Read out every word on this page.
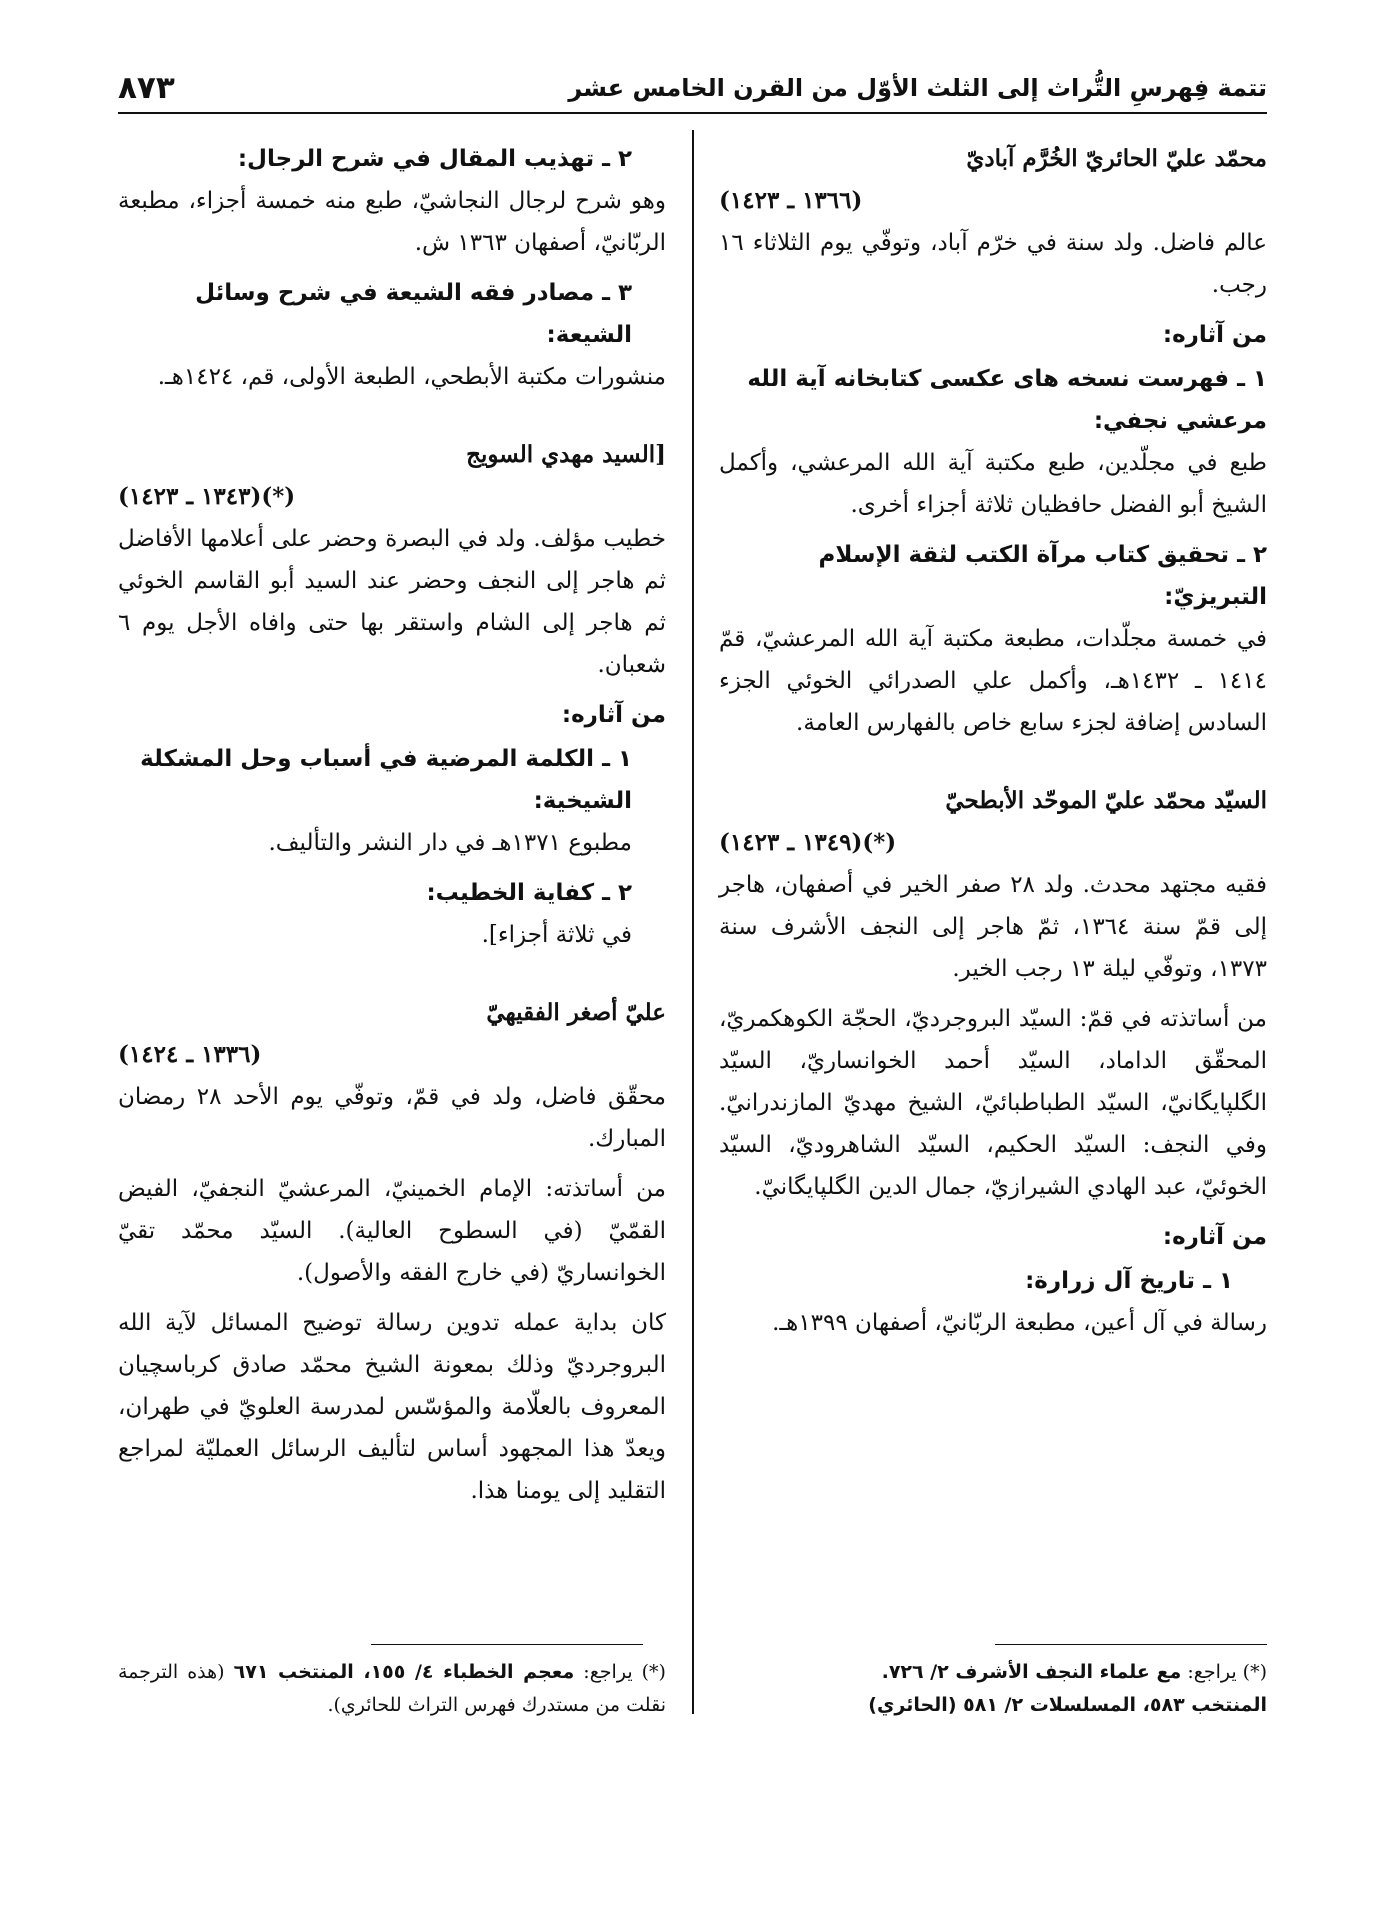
تتمة فِهرسِ التُّراث إلى الثلث الأوّل من القرن الخامس عشر
٨٧٣

محمّد عليّ الحائريّ الخُرَّم آباديّ

(١٣٦٦ ـ ١٤٢٣)

عالم فاضل. ولد سنة في خرّم آباد، وتوفّي يوم الثلاثاء ١٦ رجب.

من آثاره:
١ ـ فهرست نسخه هاى عكسى كتابخانه آية الله مرعشي نجفي:

طبع في مجلّدين، طبع مكتبة آية الله المرعشي، وأكمل الشيخ أبو الفضل حافظيان ثلاثة أجزاء أخرى.

٢ ـ تحقيق كتاب مرآة الكتب لثقة الإسلام التبريزيّ:

في خمسة مجلّدات، مطبعة مكتبة آية الله المرعشيّ، قمّ ١٤١٤ ـ ١٤٣٢هـ، وأكمل علي الصدرائي الخوئي الجزء السادس إضافة لجزء سابع خاص بالفهارس العامة.

السيّد محمّد عليّ الموحّد الأبطحيّ

(١٣٤٩ ـ ١٤٢٣)(*)

فقيه مجتهد محدث. ولد ٢٨ صفر الخير في أصفهان، هاجر إلى قمّ سنة ١٣٦٤، ثمّ هاجر إلى النجف الأشرف سنة ١٣٧٣، وتوفّي ليلة ١٣ رجب الخير.

من أساتذته في قمّ: السيّد البروجرديّ، الحجّة الكوهكمريّ، المحقّق الداماد، السيّد أحمد الخوانساريّ، السيّد الگلپايگانيّ، السيّد الطباطبائيّ، الشيخ مهديّ المازندرانيّ. وفي النجف: السيّد الحكيم، السيّد الشاهروديّ، السيّد الخوئيّ، عبد الهادي الشيرازيّ، جمال الدين الگلپايگانيّ.

من آثاره:
١ ـ تاريخ آل زرارة:

رسالة في آل أعين، مطبعة الربّانيّ، أصفهان ١٣٩٩هـ.

٢ ـ تهذيب المقال في شرح الرجال:

وهو شرح لرجال النجاشيّ، طبع منه خمسة أجزاء، مطبعة الربّانيّ، أصفهان ١٣٦٣ ش.

٣ ـ مصادر فقه الشيعة في شرح وسائل الشيعة:

منشورات مكتبة الأبطحي، الطبعة الأولى، قم، ١٤٢٤هـ.

[السيد مهدي السويج

(١٣٤٣ ـ ١٤٢٣)(*)

خطيب مؤلف. ولد في البصرة وحضر على أعلامها الأفاضل ثم هاجر إلى النجف وحضر عند السيد أبو القاسم الخوئي ثم هاجر إلى الشام واستقر بها حتى وافاه الأجل يوم ٦ شعبان.

من آثاره:
١ ـ الكلمة المرضية في أسباب وحل المشكلة الشيخية:

مطبوع ١٣٧١هـ في دار النشر والتأليف.

٢ ـ كفاية الخطيب:

في ثلاثة أجزاء].

عليّ أصغر الفقيهيّ

(١٣٣٦ ـ ١٤٢٤)

محقّق فاضل، ولد في قمّ، وتوفّي يوم الأحد ٢٨ رمضان المبارك.

من أساتذته: الإمام الخمينيّ، المرعشيّ النجفيّ، الفيض القمّيّ (في السطوح العالية). السيّد محمّد تقيّ الخوانساريّ (في خارج الفقه والأصول).

كان بداية عمله تدوين رسالة توضيح المسائل لآية الله البروجرديّ وذلك بمعونة الشيخ محمّد صادق كرباسچيان المعروف بالعلّامة والمؤسّس لمدرسة العلويّ في طهران، ويعدّ هذا المجهود أساس لتأليف الرسائل العمليّة لمراجع التقليد إلى يومنا هذا.

(*) يراجع: مع علماء النجف الأشرف ٢/ ٧٢٦.
المنتخب ٥٨٣، المسلسلات ٢/ ٥٨١ (الحائري)
(*) يراجع: معجم الخطباء ٤/ ١٥٥، المنتخب ٦٧١ (هذه الترجمة نقلت من مستدرك فهرس التراث للحائري).
